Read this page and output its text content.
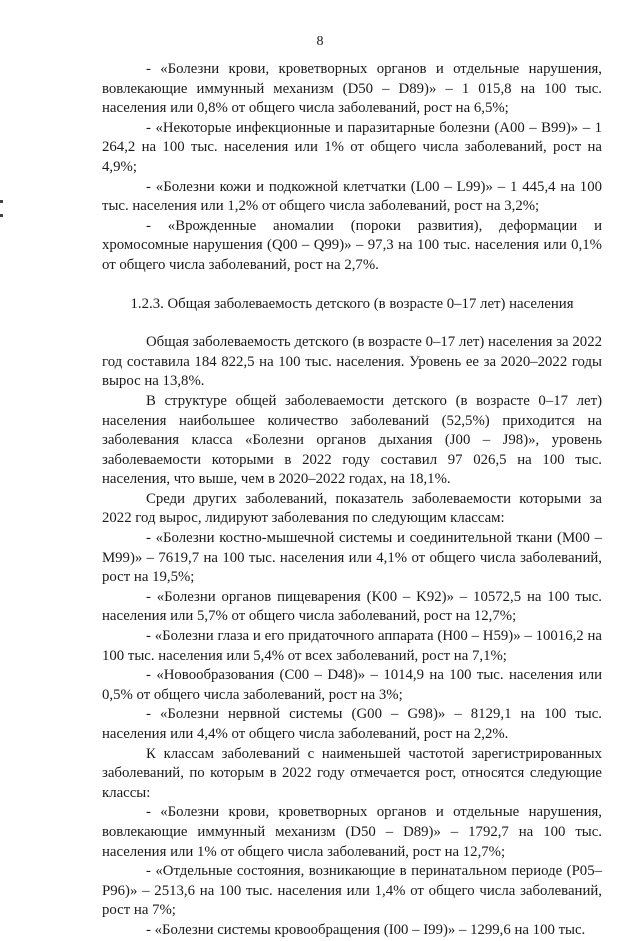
8

- «Болезни крови, кроветворных органов и отдельные нарушения, вовлекающие иммунный механизм (D50 – D89)» – 1 015,8 на 100 тыс. населения или 0,8% от общего числа заболеваний, рост на 6,5%;

- «Некоторые инфекционные и паразитарные болезни (A00 – B99)» – 1 264,2 на 100 тыс. населения или 1% от общего числа заболеваний, рост на 4,9%;

- «Болезни кожи и подкожной клетчатки (L00 – L99)» – 1 445,4 на 100 тыс. населения или 1,2% от общего числа заболеваний, рост на 3,2%;

- «Врожденные аномалии (пороки развития), деформации и хромосомные нарушения (Q00 – Q99)» – 97,3 на 100 тыс. населения или 0,1% от общего числа заболеваний, рост на 2,7%.

1.2.3. Общая заболеваемость детского (в возрасте 0–17 лет) населения

Общая заболеваемость детского (в возрасте 0–17 лет) населения за 2022 год составила 184 822,5 на 100 тыс. населения. Уровень ее за 2020–2022 годы вырос на 13,8%.

В структуре общей заболеваемости детского (в возрасте 0–17 лет) населения наибольшее количество заболеваний (52,5%) приходится на заболевания класса «Болезни органов дыхания (J00 – J98)», уровень заболеваемости которыми в 2022 году составил 97 026,5 на 100 тыс. населения, что выше, чем в 2020–2022 годах, на 18,1%.

Среди других заболеваний, показатель заболеваемости которыми за 2022 год вырос, лидируют заболевания по следующим классам:

- «Болезни костно-мышечной системы и соединительной ткани (M00 – M99)» – 7619,7 на 100 тыс. населения или 4,1% от общего числа заболеваний, рост на 19,5%;

- «Болезни органов пищеварения (K00 – K92)» – 10572,5 на 100 тыс. населения или 5,7% от общего числа заболеваний, рост на 12,7%;

- «Болезни глаза и его придаточного аппарата (H00 – H59)» – 10016,2 на 100 тыс. населения или 5,4% от всех заболеваний, рост на 7,1%;

- «Новообразования (C00 – D48)» – 1014,9 на 100 тыс. населения или 0,5% от общего числа заболеваний, рост на 3%;

- «Болезни нервной системы (G00 – G98)» – 8129,1 на 100 тыс. населения или 4,4% от общего числа заболеваний, рост на 2,2%.

К классам заболеваний с наименьшей частотой зарегистрированных заболеваний, по которым в 2022 году отмечается рост, относятся следующие классы:

- «Болезни крови, кроветворных органов и отдельные нарушения, вовлекающие иммунный механизм (D50 – D89)» – 1792,7 на 100 тыс. населения или 1% от общего числа заболеваний, рост на 12,7%;

- «Отдельные состояния, возникающие в перинатальном периоде (P05– P96)» – 2513,6 на 100 тыс. населения или 1,4% от общего числа заболеваний, рост на 7%;

- «Болезни системы кровообращения (I00 – I99)» – 1299,6 на 100 тыс.
